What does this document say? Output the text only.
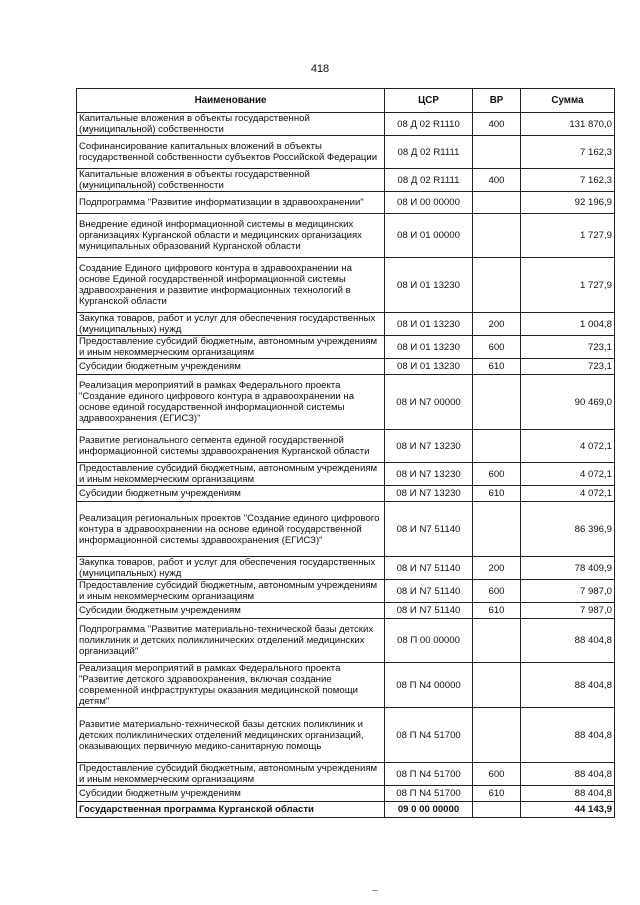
418
Наименование	ЦСР	ВР	Сумма
Капитальные вложения в объекты государственной (муниципальной) собственности	08 Д 02 R1110	400	131 870,0
Софинансирование капитальных вложений в объекты государственной собственности субъектов Российской Федерации	08 Д 02 R1111		7 162,3
Капитальные вложения в объекты государственной (муниципальной) собственности	08 Д 02 R1111	400	7 162,3
Подпрограмма "Развитие информатизации в здравоохранении"	08 И 00 00000		92 196,9
Внедрение единой информационной системы в медицинских организациях Курганской области и медицинских организациях муниципальных образований Курганской области	08 И 01 00000		1 727,9
Создание Единого цифрового контура в здравоохранении на основе Единой государственной информационной системы здравоохранения и развитие информационных технологий в Курганской области	08 И 01 13230		1 727,9
Закупка товаров, работ и услуг для обеспечения государственных (муниципальных) нужд	08 И 01 13230	200	1 004,8
Предоставление субсидий бюджетным, автономным учреждениям и иным некоммерческим организациям	08 И 01 13230	600	723,1
Субсидии бюджетным учреждениям	08 И 01 13230	610	723,1
Реализация мероприятий в рамках Федерального проекта "Создание единого цифрового контура в здравоохранении на основе единой государственной информационной системы здравоохранения (ЕГИСЗ)"	08 И N7 00000		90 469,0
Развитие регионального сегмента единой государственной информационной системы здравоохранения Курганской области	08 И N7 13230		4 072,1
Предоставление субсидий бюджетным, автономным учреждениям и иным некоммерческим организациям	08 И N7 13230	600	4 072,1
Субсидии бюджетным учреждениям	08 И N7 13230	610	4 072,1
Реализация региональных проектов "Создание единого цифрового контура в здравоохранении на основе единой государственной информационной системы здравоохранения (ЕГИСЗ)"	08 И N7 51140		86 396,9
Закупка товаров, работ и услуг для обеспечения государственных (муниципальных) нужд	08 И N7 51140	200	78 409,9
Предоставление субсидий бюджетным, автономным учреждениям и иным некоммерческим организациям	08 И N7 51140	600	7 987,0
Субсидии бюджетным учреждениям	08 И N7 51140	610	7 987,0
Подпрограмма "Развитие материально-технической базы детских поликлиник и детских поликлинических отделений медицинских организаций"	08 П 00 00000		88 404,8
Реализация мероприятий в рамках Федерального проекта "Развитие детского здравоохранения, включая создание современной инфраструктуры оказания медицинской помощи детям"	08 П N4 00000		88 404,8
Развитие материально-технической базы детских поликлиник и детских поликлинических отделений медицинских организаций, оказывающих первичную медико-санитарную помощь	08 П N4 51700		88 404,8
Предоставление субсидий бюджетным, автономным учреждениям и иным некоммерческим организациям	08 П N4 51700	600	88 404,8
Субсидии бюджетным учреждениям	08 П N4 51700	610	88 404,8
Государственная программа Курганской области	09 0 00 00000		44 143,9
